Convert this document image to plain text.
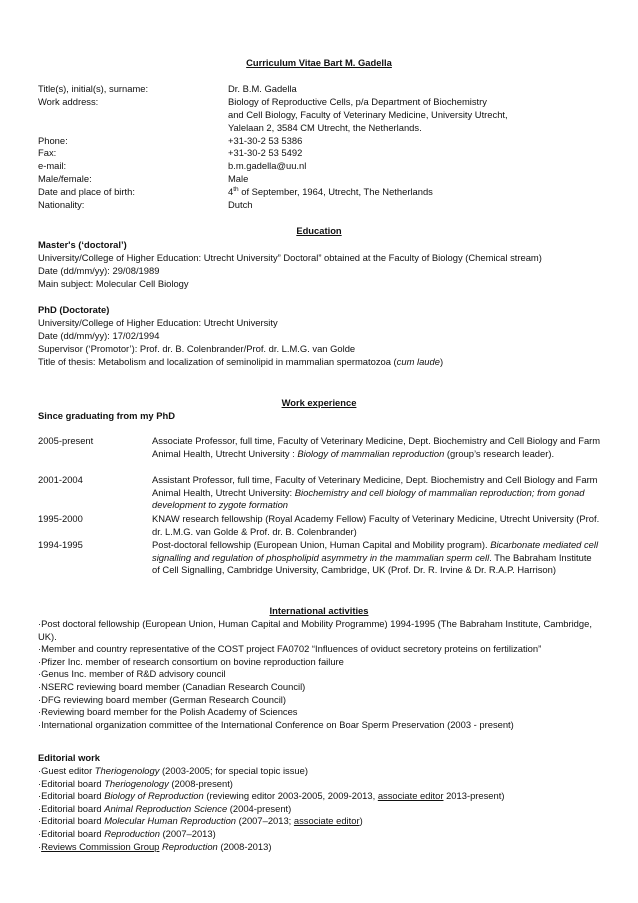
Curriculum Vitae Bart M. Gadella
Title(s), initial(s), surname:	Dr. B.M. Gadella
Work address:	Biology of Reproductive Cells, p/a Department of Biochemistry
and Cell Biology, Faculty of Veterinary Medicine, University Utrecht,
Yalelaan 2, 3584 CM Utrecht, the Netherlands.
Phone:	+31-30-2 53 5386
Fax:	+31-30-2 53 5492
e-mail:	b.m.gadella@uu.nl
Male/female:	Male
Date and place of birth:	4th of September, 1964, Utrecht, The Netherlands
Nationality:	Dutch
Education
Master's (‘doctoral’)
University/College of Higher Education: Utrecht University” Doctoral” obtained at the Faculty of Biology (Chemical stream)
Date (dd/mm/yy): 29/08/1989
Main subject: Molecular Cell Biology
PhD (Doctorate)
University/College of Higher Education: Utrecht University
Date (dd/mm/yy): 17/02/1994
Supervisor (‘Promotor’): Prof. dr. B. Colenbrander/Prof. dr. L.M.G. van Golde
Title of thesis: Metabolism and localization of seminolipid in mammalian spermatozoa (cum laude)
Work experience
Since graduating from my PhD
2005-present	Associate Professor, full time, Faculty of Veterinary Medicine, Dept. Biochemistry and Cell Biology and Farm Animal Health, Utrecht University : Biology of mammalian reproduction (group’s research leader).
2001-2004	Assistant Professor, full time, Faculty of Veterinary Medicine, Dept. Biochemistry and Cell Biology and Farm Animal Health, Utrecht University: Biochemistry and cell biology of mammalian reproduction; from gonad development to zygote formation
1995-2000	KNAW research fellowship (Royal Academy Fellow) Faculty of Veterinary Medicine, Utrecht University (Prof. dr. L.M.G. van Golde & Prof. dr. B. Colenbrander)
1994-1995	Post-doctoral fellowship (European Union, Human Capital and Mobility program). Bicarbonate mediated cell signalling and regulation of phospholipid asymmetry in the mammalian sperm cell. The Babraham Institute of Cell Signalling, Cambridge University, Cambridge, UK (Prof. Dr. R. Irvine & Dr. R.A.P. Harrison)
International activities

·Post doctoral fellowship (European Union, Human Capital and Mobility Programme) 1994-1995 (The Babraham Institute, Cambridge, UK).

·Member and country representative of the COST project FA0702 “Influences of oviduct secretory proteins on fertilization”

·Pfizer Inc. member of research consortium on bovine reproduction failure

·Genus Inc. member of R&D advisory council

·NSERC reviewing board member (Canadian Research Council)

·DFG reviewing board member (German Research Council)

·Reviewing board member for the Polish Academy of Sciences

·International organization committee of the International Conference on Boar Sperm Preservation (2003 - present)

Editorial work

·Guest editor Theriogenology (2003-2005; for special topic issue)

·Editorial board Theriogenology (2008-present)

·Editorial board Biology of Reproduction (reviewing editor 2003-2005, 2009-2013, associate editor 2013-present)

·Editorial board Animal Reproduction Science (2004-present)

·Editorial board Molecular Human Reproduction (2007–2013; associate editor)

·Editorial board Reproduction (2007–2013)

·Reviews Commission Group Reproduction (2008-2013)
